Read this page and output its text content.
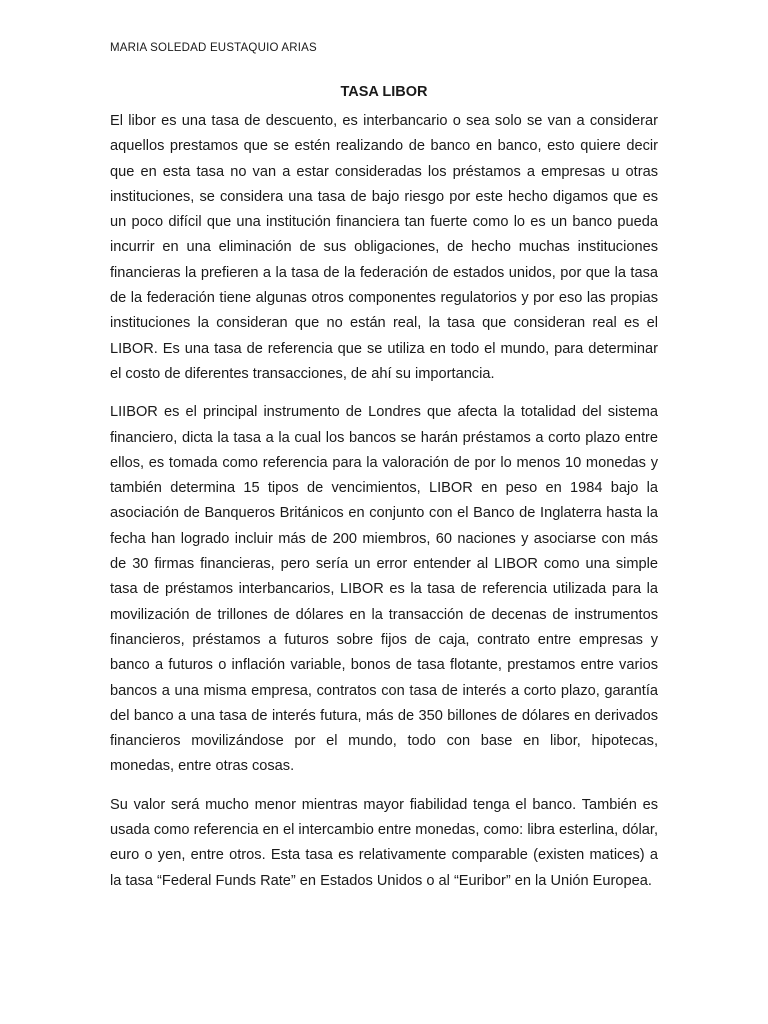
MARIA SOLEDAD EUSTAQUIO ARIAS
TASA LIBOR

El libor es una tasa de descuento, es interbancario o sea solo se van a considerar aquellos prestamos que se estén realizando de banco en banco, esto quiere decir que en esta tasa no van a estar consideradas los préstamos a empresas u otras instituciones, se considera una tasa de bajo riesgo por este hecho digamos que es un poco difícil que una institución financiera tan fuerte como lo es un banco pueda incurrir en una eliminación de sus obligaciones, de hecho muchas instituciones financieras la prefieren a la tasa de la federación de estados unidos, por que la tasa de la federación tiene algunas otros componentes regulatorios y por eso las propias instituciones la consideran que no están real, la tasa que consideran real es el LIBOR. Es una tasa de referencia que se utiliza en todo el mundo, para determinar el costo de diferentes transacciones, de ahí su importancia.

LIIBOR es el principal instrumento de Londres que afecta la totalidad del sistema financiero, dicta la tasa a la cual los bancos se harán préstamos a corto plazo entre ellos, es tomada como referencia para la valoración de por lo menos 10 monedas y también determina 15 tipos de vencimientos, LIBOR en peso en 1984 bajo la asociación de Banqueros Británicos en conjunto con el Banco de Inglaterra hasta la fecha han logrado incluir más de 200 miembros, 60 naciones y asociarse con más de 30 firmas financieras, pero sería un error entender al LIBOR como una simple tasa de préstamos interbancarios, LIBOR es la tasa de referencia utilizada para la movilización de trillones de dólares en la transacción de decenas de instrumentos financieros, préstamos a futuros sobre fijos de caja, contrato entre empresas y banco a futuros o inflación variable, bonos de tasa flotante, prestamos entre varios bancos a una misma empresa, contratos con tasa de interés a corto plazo, garantía del banco a una tasa de interés futura, más de 350 billones de dólares en derivados financieros movilizándose por el mundo, todo con base en libor, hipotecas, monedas, entre otras cosas.

Su valor será mucho menor mientras mayor fiabilidad tenga el banco. También es usada como referencia en el intercambio entre monedas, como: libra esterlina, dólar, euro o yen, entre otros. Esta tasa es relativamente comparable (existen matices) a la tasa “Federal Funds Rate” en Estados Unidos o al “Euribor” en la Unión Europea.
